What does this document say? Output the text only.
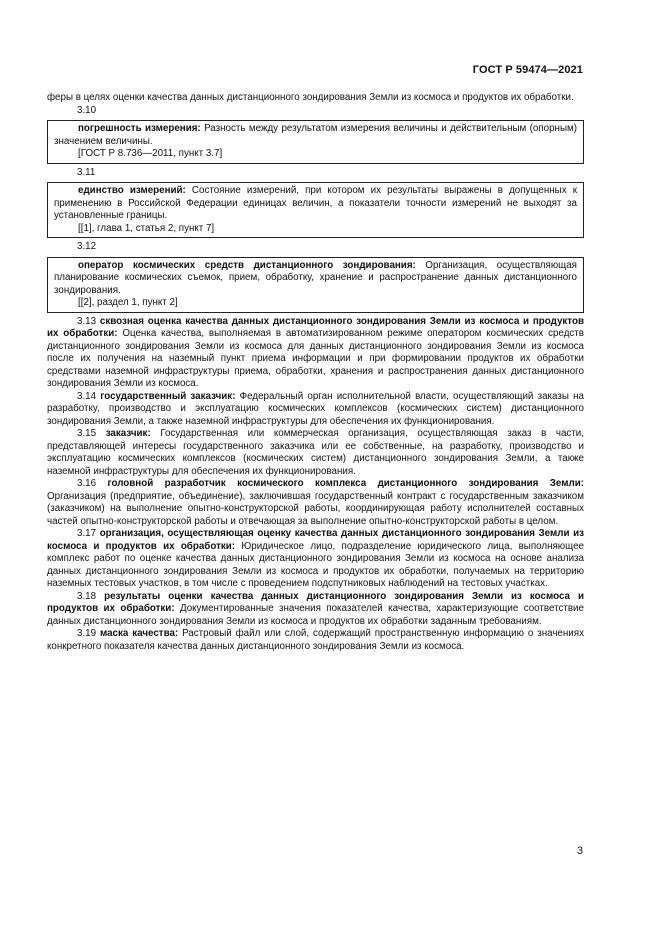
ГОСТ Р 59474—2021

феры в целях оценки качества данных дистанционного зондирования Земли из космоса и продуктов их обработки.

3.10

погрешность измерения: Разность между результатом измерения величины и действительным (опорным) значением величины.

[ГОСТ Р 8.736—2011, пункт 3.7]

3.11

единство измерений: Состояние измерений, при котором их результаты выражены в допущенных к применению в Российской Федерации единицах величин, а показатели точности измерений не выходят за установленные границы.

[[1], глава 1, статья 2, пункт 7]

3.12

оператор космических средств дистанционного зондирования: Организация, осуществляющая планирование космических съемок, прием, обработку, хранение и распространение данных дистанционного зондирования.

[[2], раздел 1, пункт 2]

3.13 сквозная оценка качества данных дистанционного зондирования Земли из космоса и продуктов их обработки: Оценка качества, выполняемая в автоматизированном режиме оператором космических средств дистанционного зондирования Земли из космоса для данных дистанционного зондирования Земли из космоса после их получения на наземный пункт приема информации и при формировании продуктов их обработки средствами наземной инфраструктуры приема, обработки, хранения и распространения данных дистанционного зондирования Земли из космоса.

3.14 государственный заказчик: Федеральный орган исполнительной власти, осуществляющий заказы на разработку, производство и эксплуатацию космических комплексов (космических систем) дистанционного зондирования Земли, а также наземной инфраструктуры для обеспечения их функционирования.

3.15 заказчик: Государственная или коммерческая организация, осуществляющая заказ в части, представляющей интересы государственного заказчика или ее собственные, на разработку, производство и эксплуатацию космических комплексов (космических систем) дистанционного зондирования Земли, а также наземной инфраструктуры для обеспечения их функционирования.

3.16 головной разработчик космического комплекса дистанционного зондирования Земли: Организация (предприятие, объединение), заключившая государственный контракт с государственным заказчиком (заказчиком) на выполнение опытно-конструкторской работы, координирующая работу исполнителей составных частей опытно-конструкторской работы и отвечающая за выполнение опытно-конструкторской работы в целом.

3.17 организация, осуществляющая оценку качества данных дистанционного зондирования Земли из космоса и продуктов их обработки: Юридическое лицо, подразделение юридического лица, выполняющее комплекс работ по оценке качества данных дистанционного зондирования Земли из космоса на основе анализа данных дистанционного зондирования Земли из космоса и продуктов их обработки, получаемых на территорию наземных тестовых участков, в том числе с проведением подспутниковых наблюдений на тестовых участках.

3.18 результаты оценки качества данных дистанционного зондирования Земли из космоса и продуктов их обработки: Документированные значения показателей качества, характеризующие соответствие данных дистанционного зондирования Земли из космоса и продуктов их обработки заданным требованиям.

3.19 маска качества: Растровый файл или слой, содержащий пространственную информацию о значениях конкретного показателя качества данных дистанционного зондирования Земли из космоса.

3
